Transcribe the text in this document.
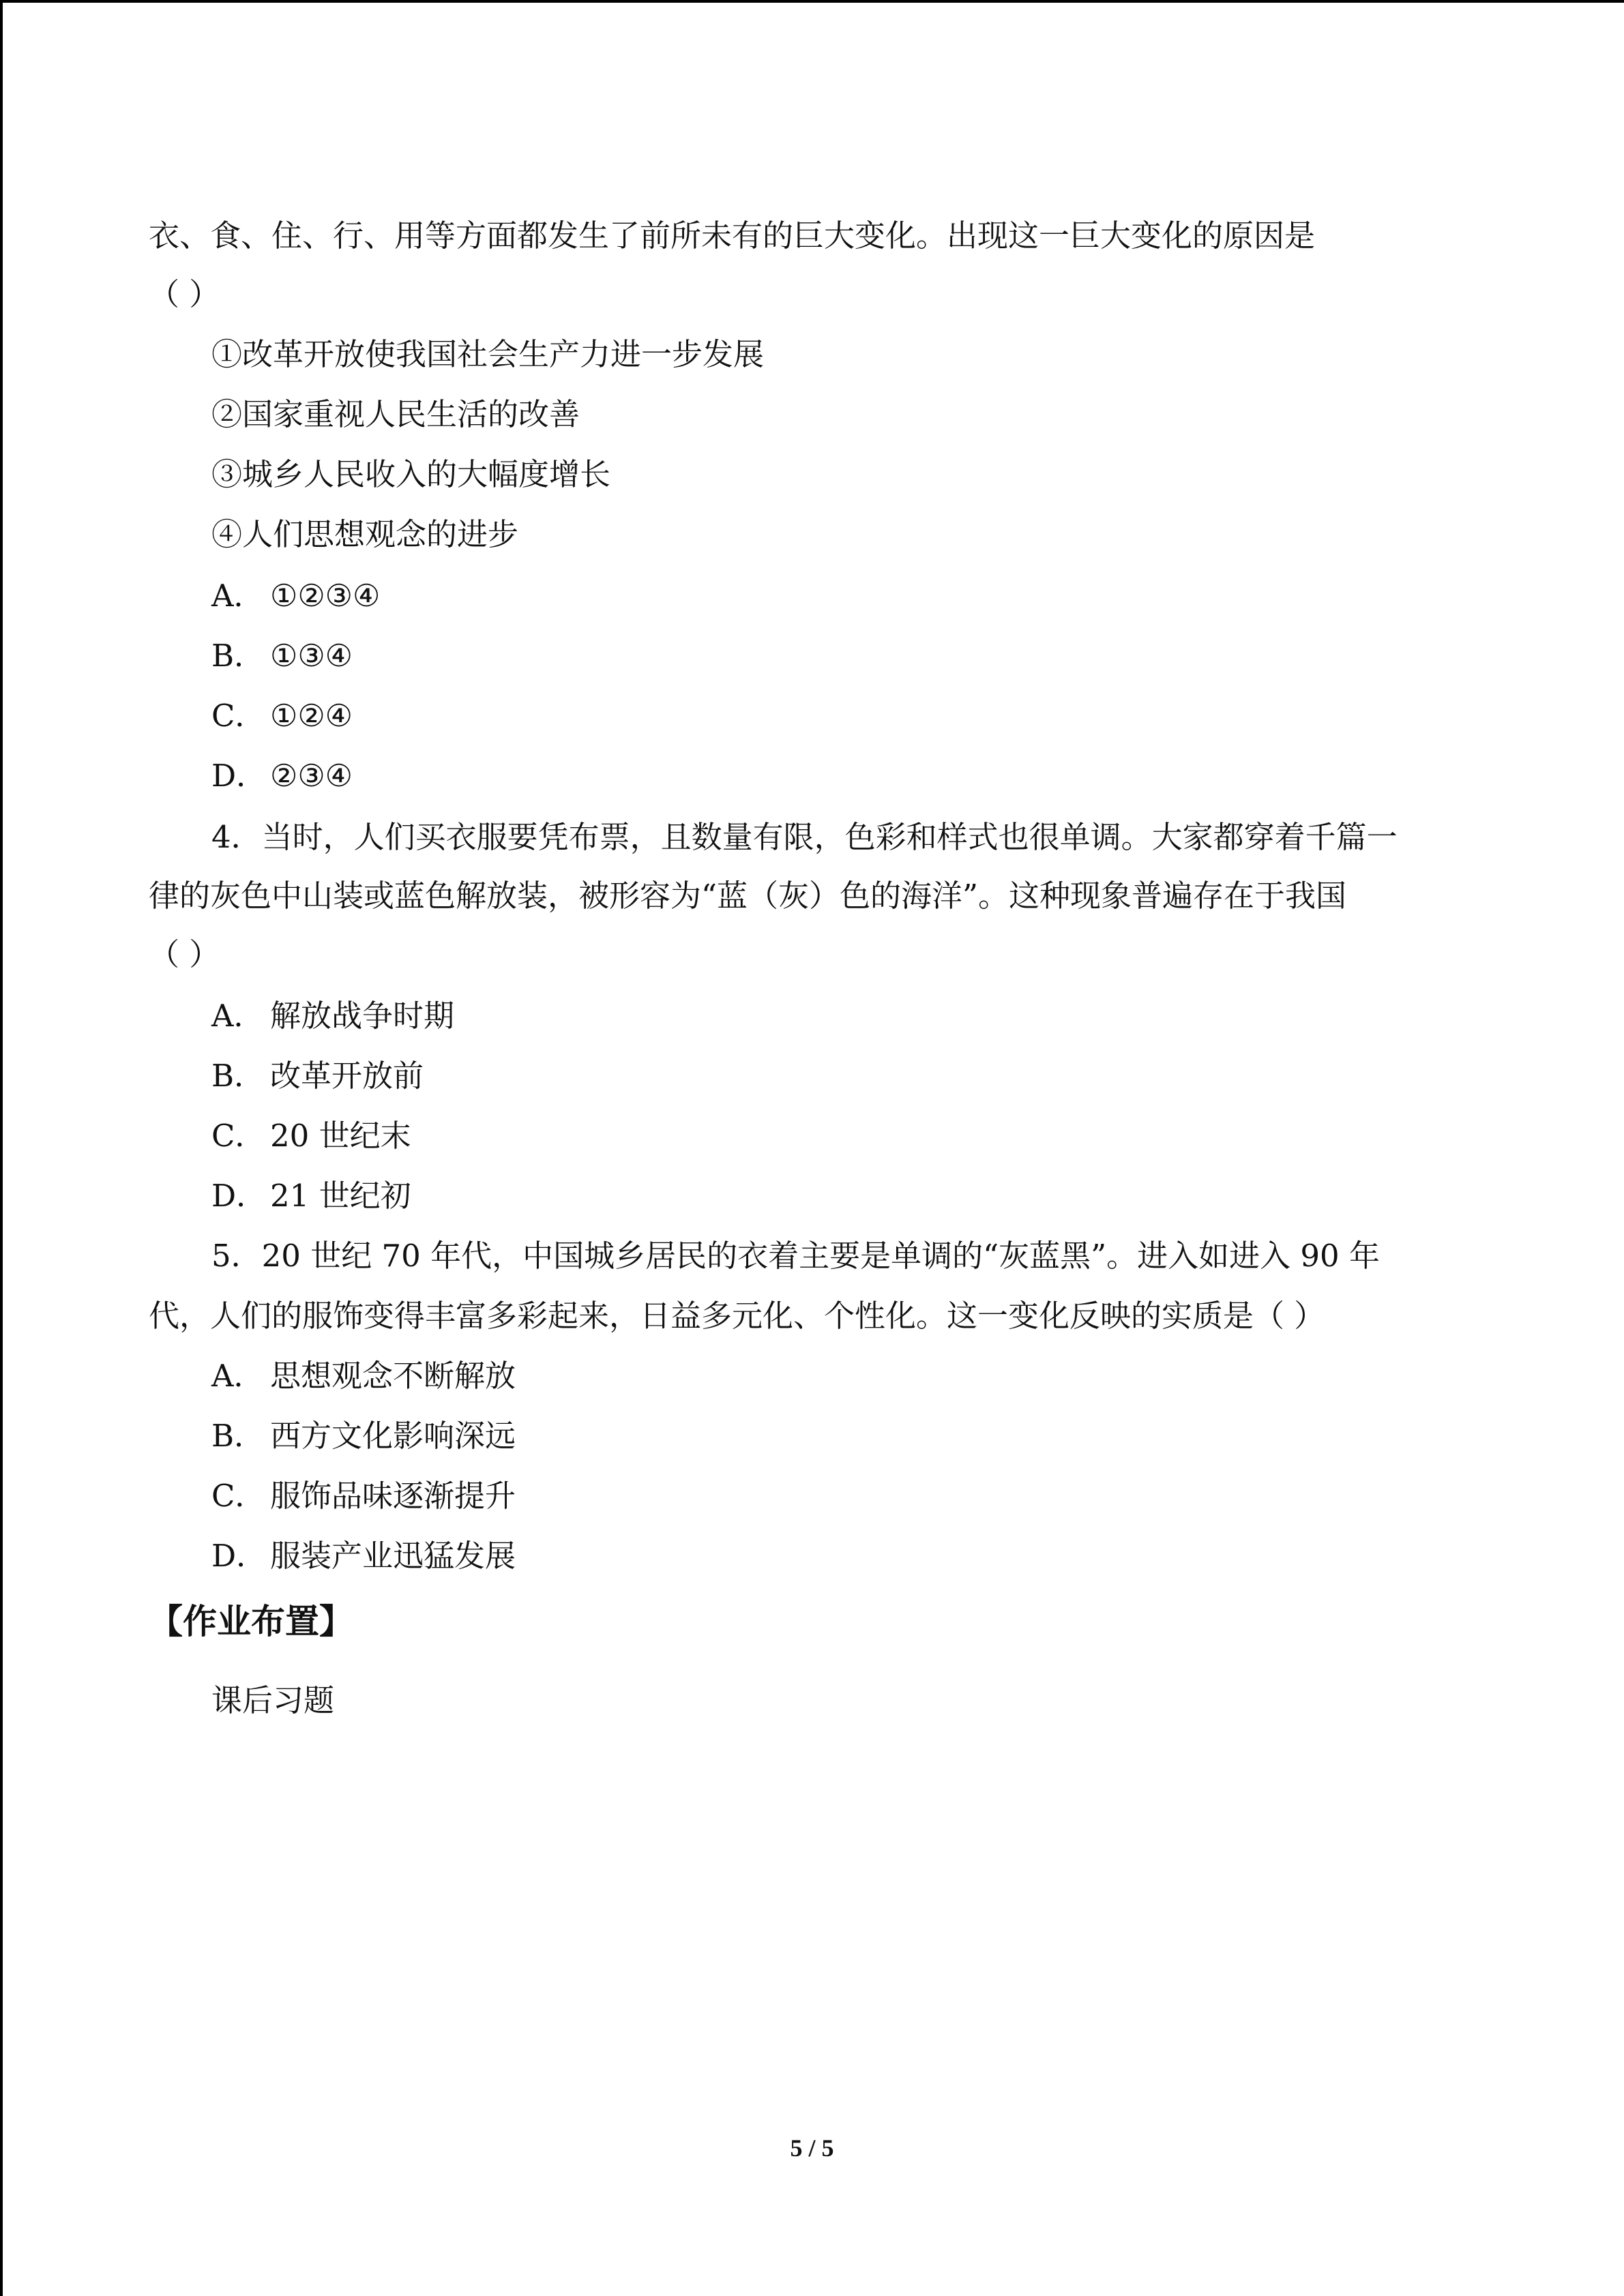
衣、食、住、行、用等方面都发生了前所未有的巨大变化。出现这一巨大变化的原因是
（ ）
①改革开放使我国社会生产力进一步发展
②国家重视人民生活的改善
③城乡人民收入的大幅度增长
④人们思想观念的进步
A． ①②③④
B． ①③④
C． ①②④
D． ②③④
4．当时，人们买衣服要凭布票，且数量有限，色彩和样式也很单调。大家都穿着千篇一
律的灰色中山装或蓝色解放装，被形容为“蓝（灰）色的海洋”。这种现象普遍存在于我国
（ ）
A． 解放战争时期
B． 改革开放前
C． 20 世纪末
D． 21 世纪初
5．20 世纪 70 年代，中国城乡居民的衣着主要是单调的“灰蓝黑”。进入如进入 90 年
代，人们的服饰变得丰富多彩起来，日益多元化、个性化。这一变化反映的实质是（ ）
A． 思想观念不断解放
B． 西方文化影响深远
C． 服饰品味逐渐提升
D． 服装产业迅猛发展
【作业布置】
课后习题
5 / 5
